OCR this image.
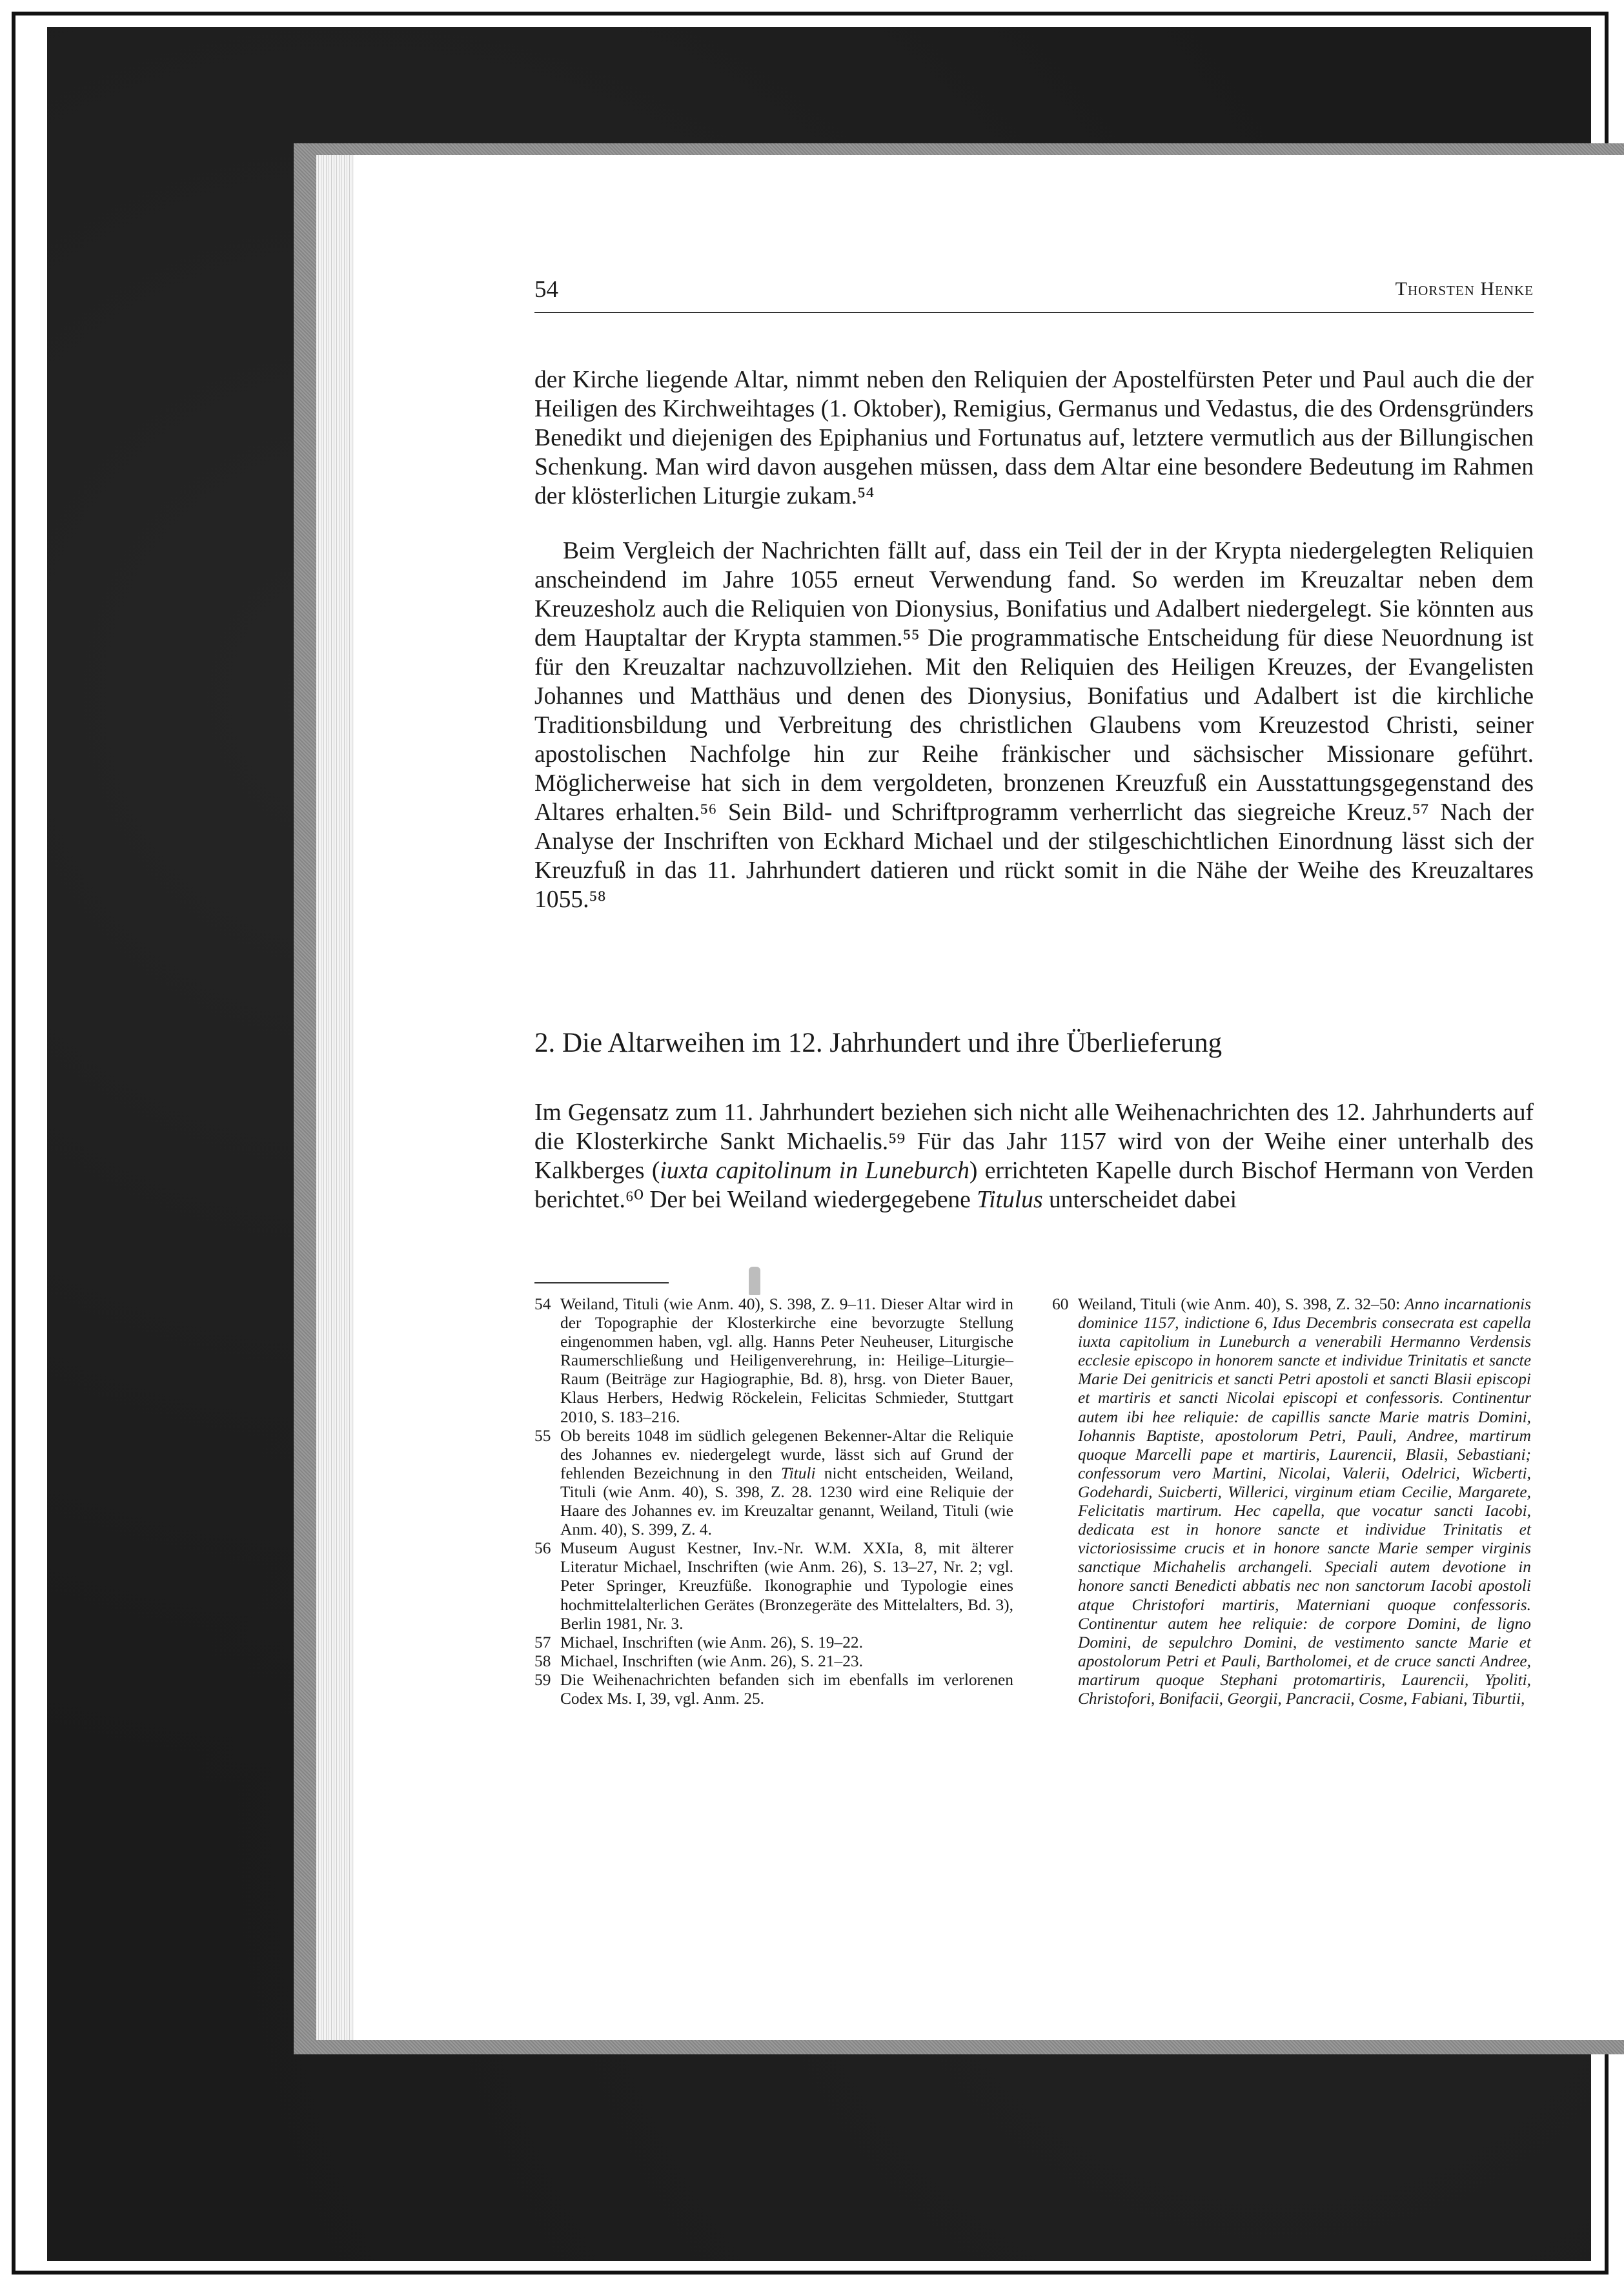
54	Thorsten Henke

der Kirche liegende Altar, nimmt neben den Reliquien der Apostelfürsten Peter und Paul auch die der Heiligen des Kirchweihtages (1. Oktober), Remigius, Germanus und Vedastus, die des Ordensgründers Benedikt und diejenigen des Epiphanius und Fortunatus auf, letztere vermutlich aus der Billungischen Schenkung. Man wird davon ausgehen müssen, dass dem Altar eine besondere Bedeutung im Rahmen der klösterlichen Liturgie zukam.⁵⁴

Beim Vergleich der Nachrichten fällt auf, dass ein Teil der in der Krypta niedergelegten Reliquien anscheindend im Jahre 1055 erneut Verwendung fand. So werden im Kreuzaltar neben dem Kreuzesholz auch die Reliquien von Dionysius, Bonifatius und Adalbert niedergelegt. Sie könnten aus dem Hauptaltar der Krypta stammen.⁵⁵ Die programmatische Entscheidung für diese Neuordnung ist für den Kreuzaltar nachzuvollziehen. Mit den Reliquien des Heiligen Kreuzes, der Evangelisten Johannes und Matthäus und denen des Dionysius, Bonifatius und Adalbert ist die kirchliche Traditionsbildung und Verbreitung des christlichen Glaubens vom Kreuzestod Christi, seiner apostolischen Nachfolge hin zur Reihe fränkischer und sächsischer Missionare geführt. Möglicherweise hat sich in dem vergoldeten, bronzenen Kreuzfuß ein Ausstattungsgegenstand des Altares erhalten.⁵⁶ Sein Bild- und Schriftprogramm verherrlicht das siegreiche Kreuz.⁵⁷ Nach der Analyse der Inschriften von Eckhard Michael und der stilgeschichtlichen Einordnung lässt sich der Kreuzfuß in das 11. Jahrhundert datieren und rückt somit in die Nähe der Weihe des Kreuzaltares 1055.⁵⁸

2. Die Altarweihen im 12. Jahrhundert und ihre Überlieferung

Im Gegensatz zum 11. Jahrhundert beziehen sich nicht alle Weihenachrichten des 12. Jahrhunderts auf die Klosterkirche Sankt Michaelis.⁵⁹ Für das Jahr 1157 wird von der Weihe einer unterhalb des Kalkberges (iuxta capitolinum in Luneburch) errichteten Kapelle durch Bischof Hermann von Verden berichtet.⁶⁰ Der bei Weiland wiedergegebene Titulus unterscheidet dabei

54 Weiland, Tituli (wie Anm. 40), S. 398, Z. 9–11. Dieser Altar wird in der Topographie der Klosterkirche eine bevorzugte Stellung eingenommen haben, vgl. allg. Hanns Peter Neuheuser, Liturgische Raumerschließung und Heiligenverehrung, in: Heilige–Liturgie–Raum (Beiträge zur Hagiographie, Bd. 8), hrsg. von Dieter Bauer, Klaus Herbers, Hedwig Röckelein, Felicitas Schmieder, Stuttgart 2010, S. 183–216.

55 Ob bereits 1048 im südlich gelegenen Bekenner-Altar die Reliquie des Johannes ev. niedergelegt wurde, lässt sich auf Grund der fehlenden Bezeichnung in den Tituli nicht entscheiden, Weiland, Tituli (wie Anm. 40), S. 398, Z. 28. 1230 wird eine Reliquie der Haare des Johannes ev. im Kreuzaltar genannt, Weiland, Tituli (wie Anm. 40), S. 399, Z. 4.

56 Museum August Kestner, Inv.-Nr. W.M. XXIa, 8, mit älterer Literatur Michael, Inschriften (wie Anm. 26), S. 13–27, Nr. 2; vgl. Peter Springer, Kreuzfüße. Ikonographie und Typologie eines hochmittelalterlichen Gerätes (Bronzegeräte des Mittelalters, Bd. 3), Berlin 1981, Nr. 3.

57 Michael, Inschriften (wie Anm. 26), S. 19–22.

58 Michael, Inschriften (wie Anm. 26), S. 21–23.

59 Die Weihenachrichten befanden sich im ebenfalls im verlorenen Codex Ms. I, 39, vgl. Anm. 25.

60 Weiland, Tituli (wie Anm. 40), S. 398, Z. 32–50: Anno incarnationis dominice 1157, indictione 6, Idus Decembris consecrata est capella iuxta capitolium in Luneburch a venerabili Hermanno Verdensis ecclesie episcopo in honorem sancte et individue Trinitatis et sancte Marie Dei genitricis et sancti Petri apostoli et sancti Blasii episcopi et martiris et sancti Nicolai episcopi et confessoris. Continentur autem ibi hee reliquie: de capillis sancte Marie matris Domini, Iohannis Baptiste, apostolorum Petri, Pauli, Andree, martirum quoque Marcelli pape et martiris, Laurencii, Blasii, Sebastiani; confessorum vero Martini, Nicolai, Valerii, Odelrici, Wicberti, Godehardi, Suicberti, Willerici, virginum etiam Cecilie, Margarete, Felicitatis martirum. Hec capella, que vocatur sancti Iacobi, dedicata est in honore sancte et individue Trinitatis et victoriosissime crucis et in honore sancte Marie semper virginis sanctique Michahelis archangeli. Speciali autem devotione in honore sancti Benedicti abbatis nec non sanctorum Iacobi apostoli atque Christofori martiris, Materniani quoque confessoris. Continentur autem hee reliquie: de corpore Domini, de ligno Domini, de sepulchro Domini, de vestimento sancte Marie et apostolorum Petri et Pauli, Bartholomei, et de cruce sancti Andree, martirum quoque Stephani protomartiris, Laurencii, Ypoliti, Christofori, Bonifacii, Georgii, Pancracii, Cosme, Fabiani, Tiburtii,
